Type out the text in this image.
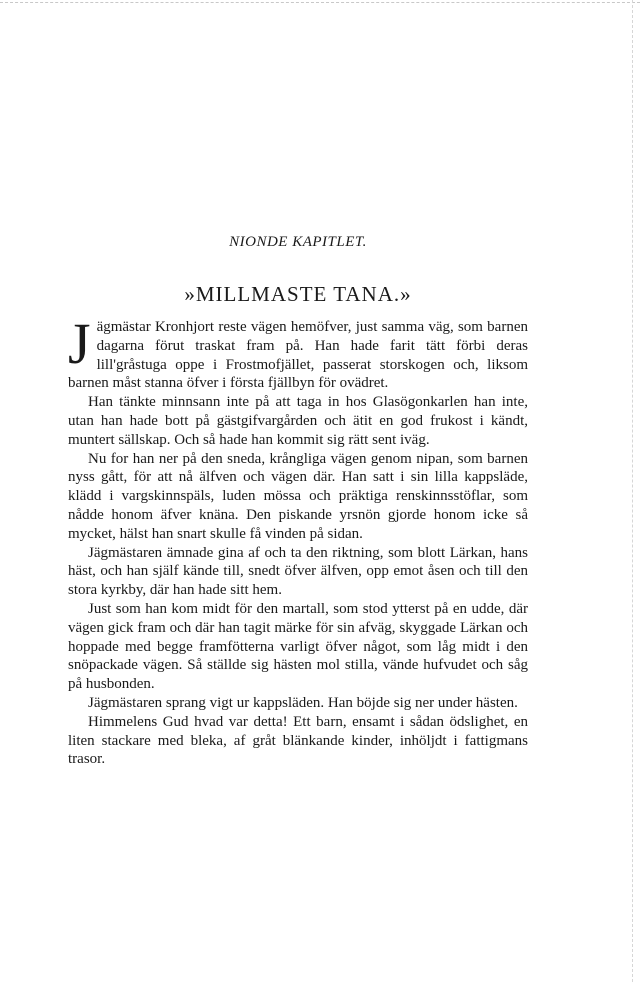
NIONDE KAPITLET.
»MILLMASTE TANA.»

Jägmästar Kronhjort reste vägen hemöfver, just samma väg, som barnen dagarna förut traskat fram på. Han hade farit tätt förbi deras lill'gråstuga oppe i Frostmofjället, passerat storskogen och, liksom barnen måst stanna öfver i första fjällbyn för ovädret.

Han tänkte minnsann inte på att taga in hos Glasögonkarlen han inte, utan han hade bott på gästgifvargården och ätit en god frukost i kändt, muntert sällskap. Och så hade han kommit sig rätt sent iväg.

Nu for han ner på den sneda, krångliga vägen genom nipan, som barnen nyss gått, för att nå älfven och vägen där. Han satt i sin lilla kappsläde, klädd i vargskinnspäls, luden mössa och präktiga renskinnsstöflar, som nådde honom äfver knäna. Den piskande yrsnön gjorde honom icke så mycket, hälst han snart skulle få vinden på sidan.

Jägmästaren ämnade gina af och ta den riktning, som blott Lärkan, hans häst, och han själf kände till, snedt öfver älfven, opp emot åsen och till den stora kyrkby, där han hade sitt hem.

Just som han kom midt för den martall, som stod ytterst på en udde, där vägen gick fram och där han tagit märke för sin afväg, skyggade Lärkan och hoppade med begge framfötterna varligt öfver något, som låg midt i den snöpackade vägen. Så ställde sig hästen mol stilla, vände hufvudet och såg på husbonden.

Jägmästaren sprang vigt ur kappsläden. Han böjde sig ner under hästen.

Himmelens Gud hvad var detta! Ett barn, ensamt i sådan ödslighet, en liten stackare med bleka, af gråt blänkande kinder, inhöljdt i fattigmans trasor.
